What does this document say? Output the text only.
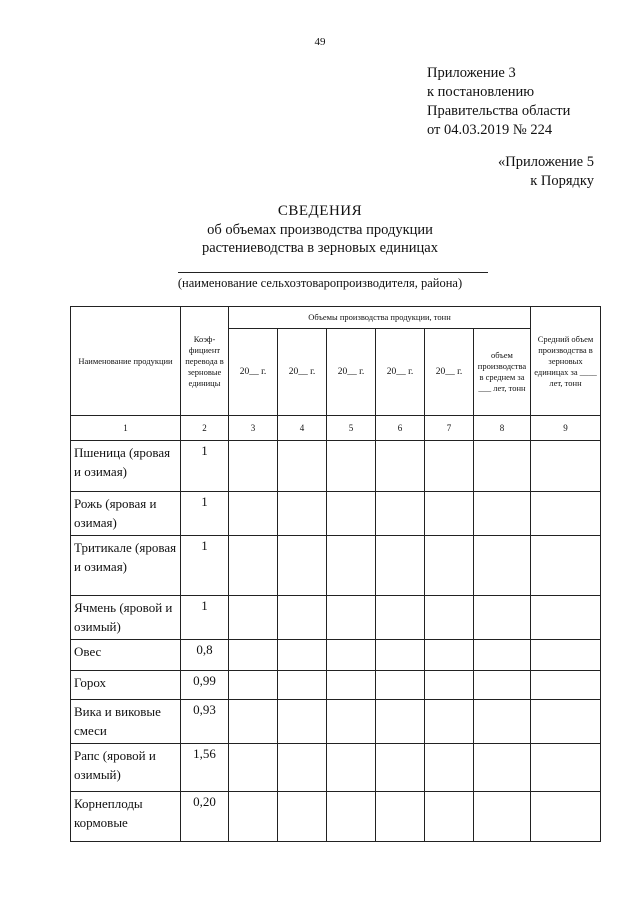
49
Приложение 3
к постановлению
Правительства области
от 04.03.2019 № 224
«Приложение 5
к Порядку
СВЕДЕНИЯ
об объемах производства продукции
растениеводства в зерновых единицах
(наименование сельхозтоваропроизводителя, района)
Наименование продукции	Коэффициент перевода в зерновые единицы	Объемы производства продукции, тонн						Средний объем производства в зерновых единицах за ____ лет, тонн
		20__ г.	20__ г.	20__ г.	20__ г.	20__ г.	объем производства в среднем за ___ лет, тонн	
1	2	3	4	5	6	7	8	9
Пшеница (яровая и озимая)	1							
Рожь (яровая и озимая)	1							
Тритикале (яровая и озимая)	1							
Ячмень (яровой и озимый)	1							
Овес	0,8							
Горох	0,99							
Вика и виковые смеси	0,93							
Рапс (яровой и озимый)	1,56							
Корнеплоды кормовые	0,20							
